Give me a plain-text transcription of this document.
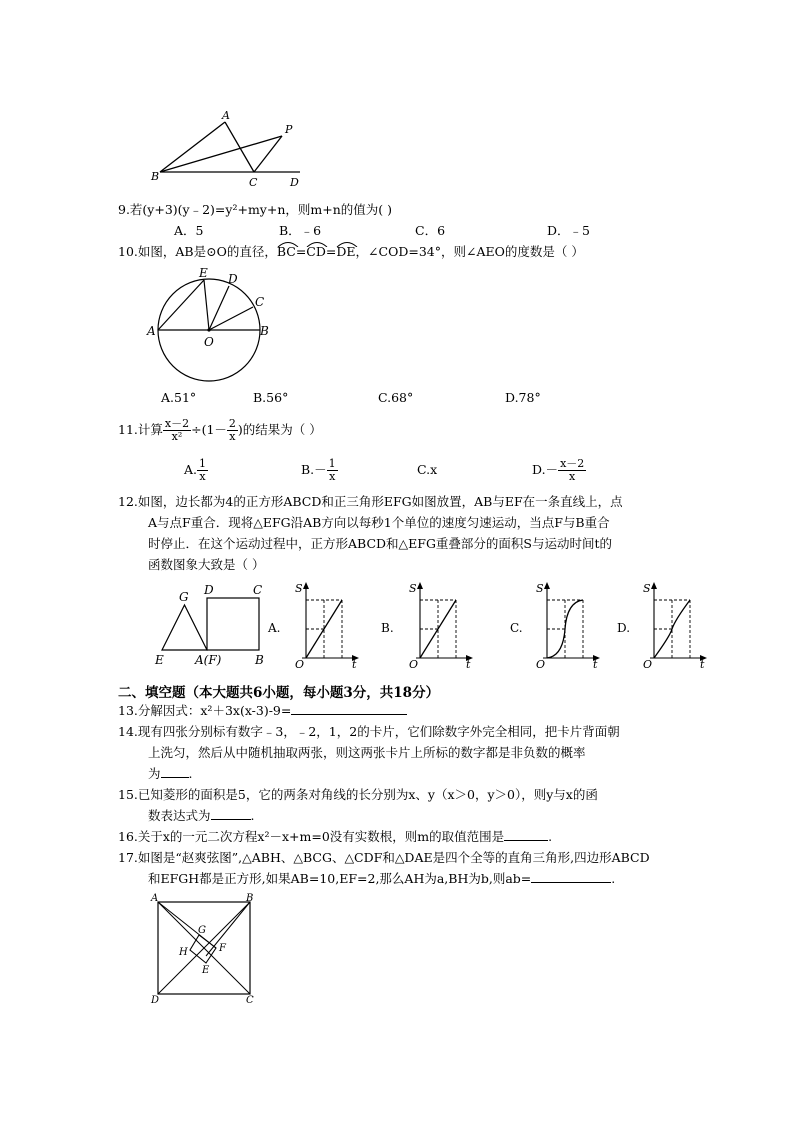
A
P
B	C	D
9.若(y+3)(y﹣2)=y²+my+n，则m+n的值为( )
A．5	B．﹣6	C．6	D．﹣5
10.如图，AB是⊙O的直径，
BC=
CD=
DE，∠COD=34°，则∠AEO的度数是（ ）
E D
C
A
O
B
A.51°	B.56°	C.68°	D.78°
11.计算 $\frac{x-2}{\text{x²}} \div(1- \frac{2}{x}$ )的结果为（ ）
A. $\frac{1}{x}$	$B.- \frac{1}{x}$	C.x	$D.- \frac{x-2}{x}$
12.如图，边长都为4的正方形ABCD和正三角形EFG如图放置，AB与EF在一条直线上，点
A与点F重合．现将△EFG沿AB方向以每秒1个单位的速度匀速运动，当点F与B重合
时停止．在这个运动过程中，正方形ABCD和△EFG重叠部分的面积S与运动时间t的
函数图象大致是（ ）
G D	C
E	A(F)	B
A.	B.	C.	D.
S
O	t
S
O	t
S
O	t
S
O	t
二、填空题（本大题共6小题，每小题3分，共18分）
13.分解因式：x²＋3x(x-3)-9=
14.现有四张分别标有数字﹣3，﹣2，1，2的卡片，它们除数字外完全相同，把卡片背面朝
上洗匀，然后从中随机抽取两张，则这两张卡片上所标的数字都是非负数的概率
为 .
15.已知菱形的面积是5，它的两条对角线的长分别为x、y（x＞0，y＞0），则y与x的函
数表达式为	.
16.关于x的一元二次方程x²－x+m=0没有实数根，则m的取值范围是	.
17.如图是“赵爽弦图”,△ABH、△BCG、△CDF和△DAE是四个全等的直角三角形,四边形ABCD
和EFGH都是正方形,如果AB=10,EF=2,那么AH为a,BH为b,则ab=	.
A	B
G
H	F
E
D	C
